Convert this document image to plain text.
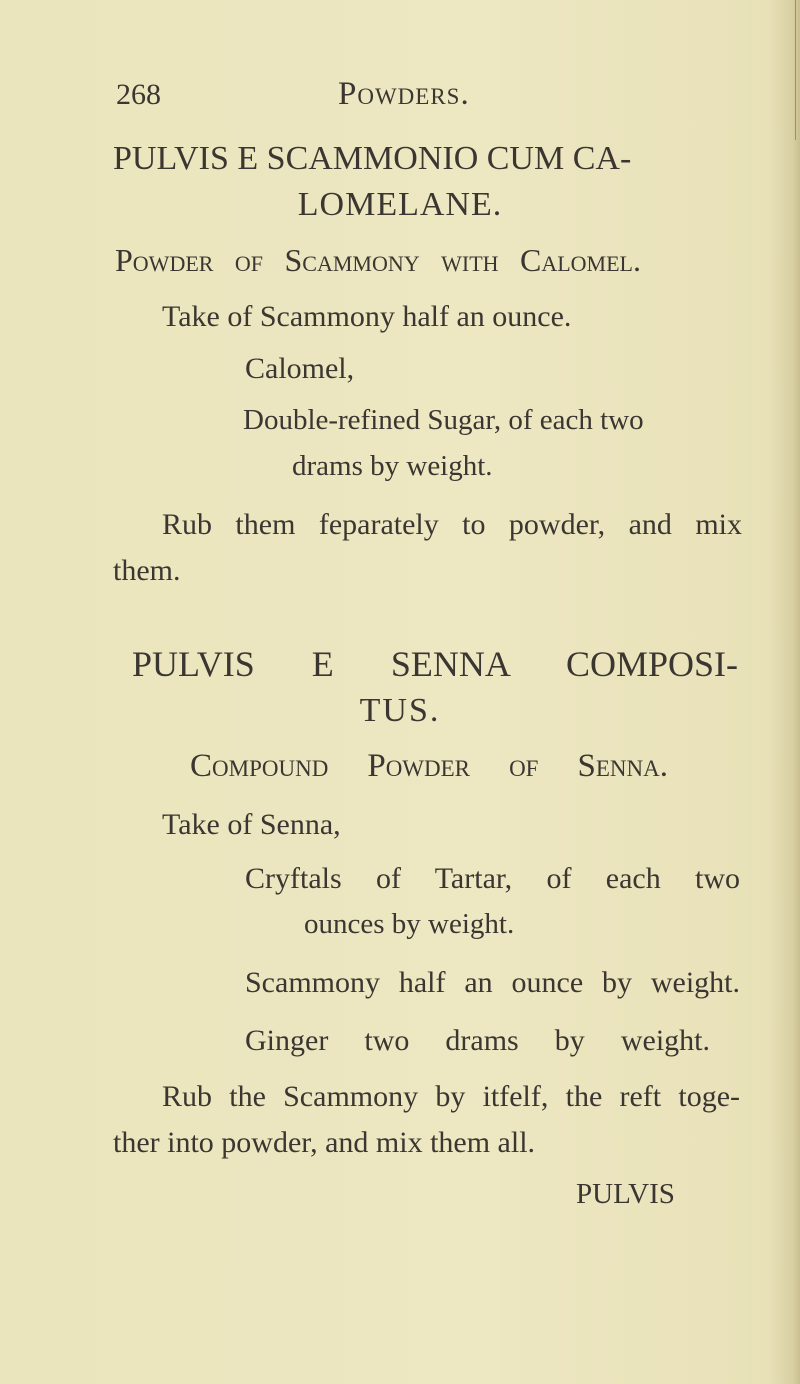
268	Powders.
PULVIS E SCAMMONIO CUM CA-
LOMELANE.
Powder of Scammony with Calomel.
Take of Scammony half an ounce.
Calomel,
Double-refined Sugar, of each two
drams by weight.
Rub them feparately to powder, and mix
them.
PULVIS E SENNA COMPOSI-
TUS.
Compound Powder of Senna.
Take of Senna,
Cryftals of Tartar, of each two
ounces by weight.
Scammony half an ounce by weight.
Ginger two drams by weight.
Rub the Scammony by itfelf, the reft toge-
ther into powder, and mix them all.
PULVIS
